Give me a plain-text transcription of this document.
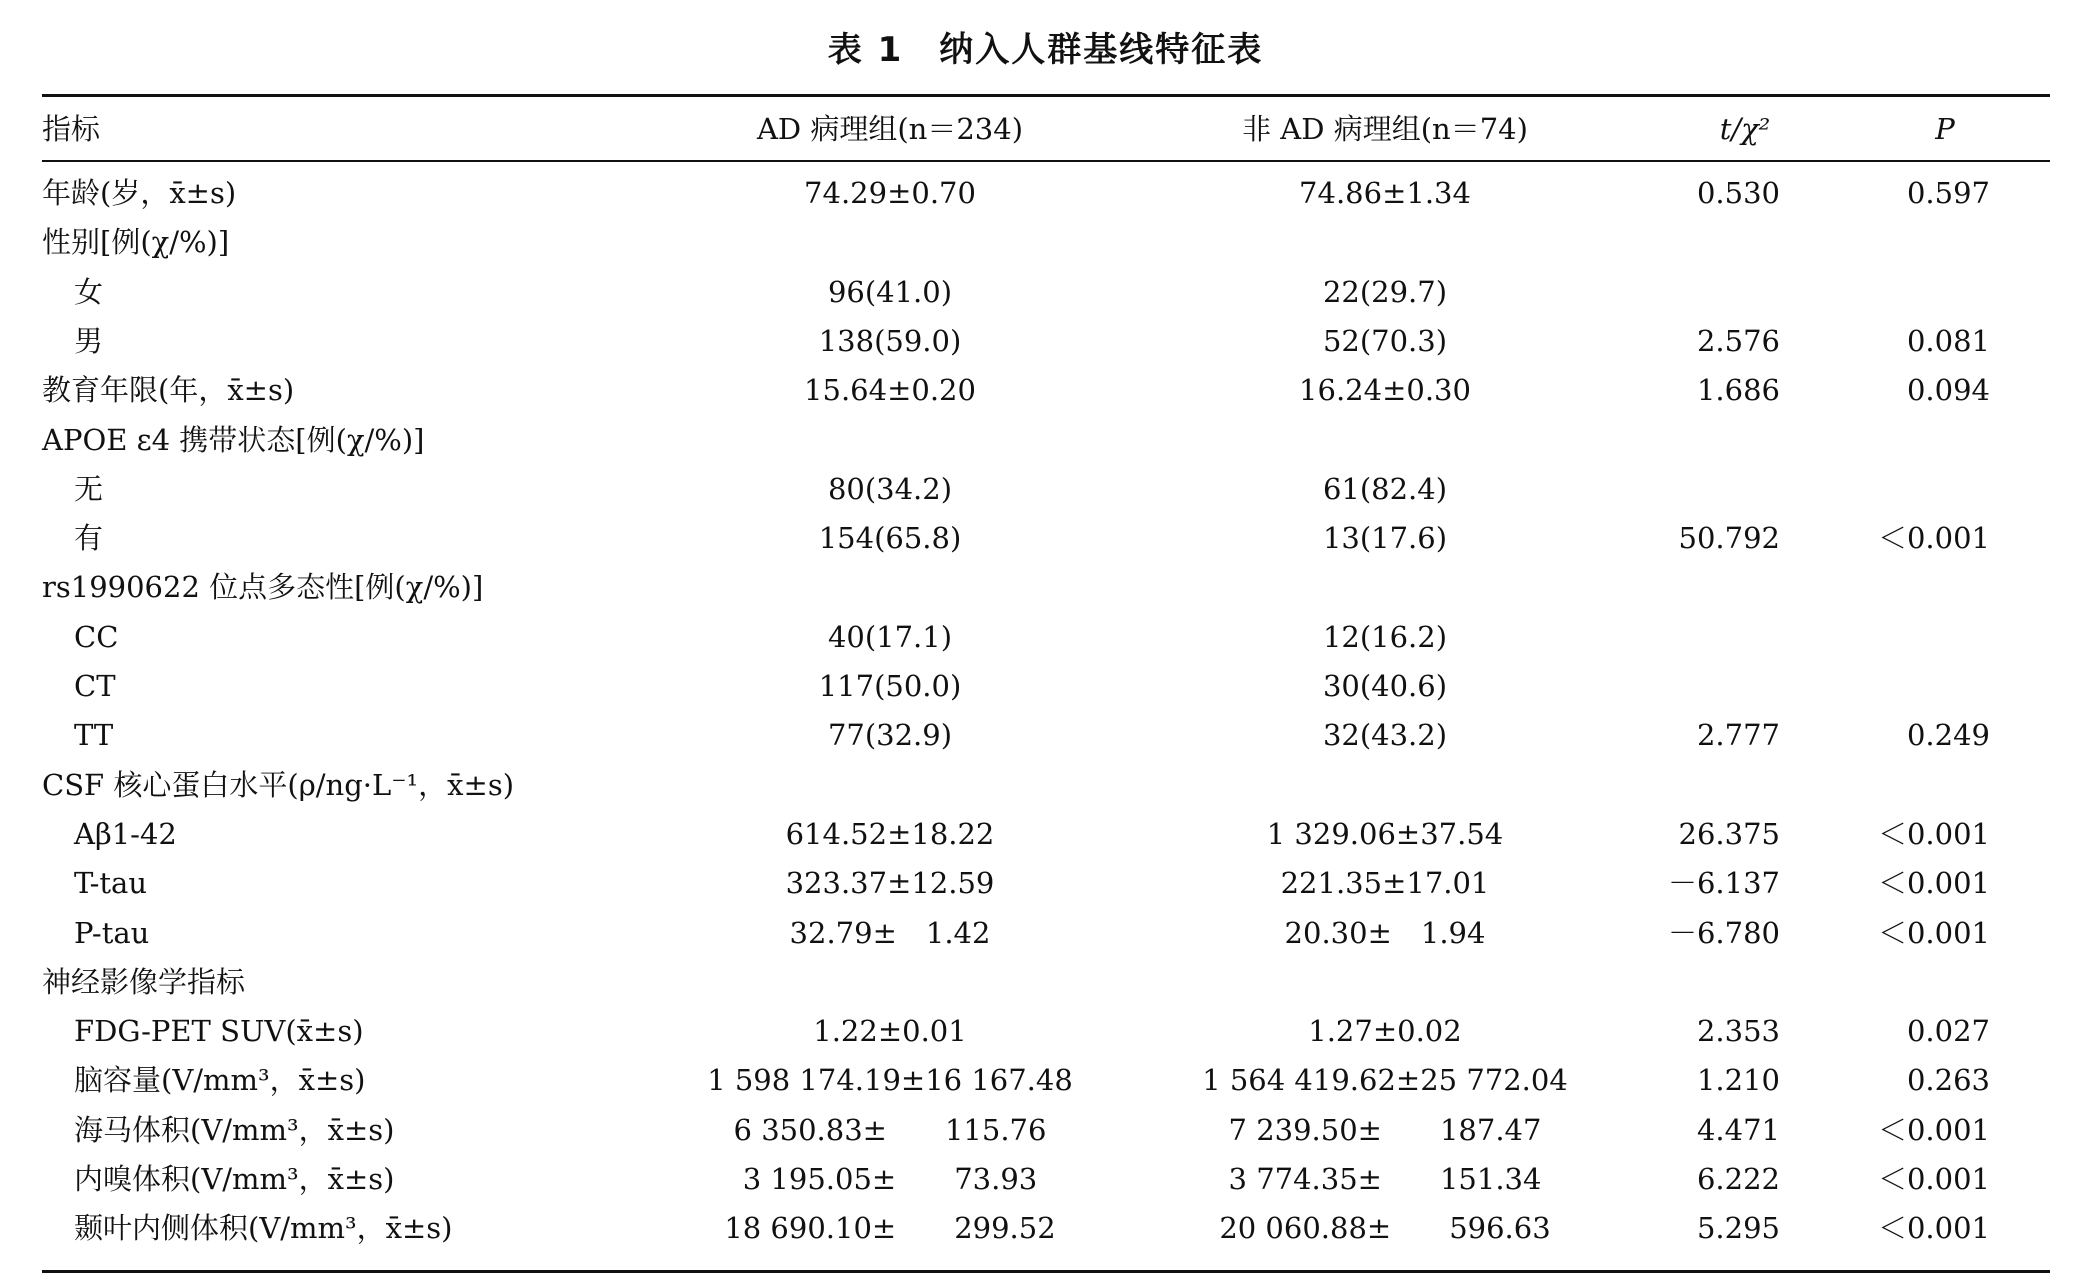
表 1　纳入人群基线特征表
指标	AD 病理组(n＝234)	非 AD 病理组(n＝74)	t/χ²	P
年龄(岁，x̄±s)	74.29±0.70	74.86±1.34	0.530	0.597
性别[例(χ/%)]
女	96(41.0)	22(29.7)
男	138(59.0)	52(70.3)	2.576	0.081
教育年限(年，x̄±s)	15.64±0.20	16.24±0.30	1.686	0.094
APOE ε4 携带状态[例(χ/%)]
无	80(34.2)	61(82.4)
有	154(65.8)	13(17.6)	50.792	＜0.001
rs1990622 位点多态性[例(χ/%)]
CC	40(17.1)	12(16.2)
CT	117(50.0)	30(40.6)
TT	77(32.9)	32(43.2)	2.777	0.249
CSF 核心蛋白水平(ρ/ng·L⁻¹，x̄±s)
Aβ1-42	614.52±18.22	1 329.06±37.54	26.375	＜0.001
T-tau	323.37±12.59	221.35±17.01	－6.137	＜0.001
P-tau	32.79±　1.42	20.30±　1.94	－6.780	＜0.001
神经影像学指标
FDG-PET SUV(x̄±s)	1.22±0.01	1.27±0.02	2.353	0.027
脑容量(V/mm³，x̄±s)	1 598 174.19±16 167.48	1 564 419.62±25 772.04	1.210	0.263
海马体积(V/mm³，x̄±s)	6 350.83±　　115.76	7 239.50±　　187.47	4.471	＜0.001
内嗅体积(V/mm³，x̄±s)	3 195.05±　　73.93	3 774.35±　　151.34	6.222	＜0.001
颞叶内侧体积(V/mm³，x̄±s)	18 690.10±　　299.52	20 060.88±　　596.63	5.295	＜0.001
